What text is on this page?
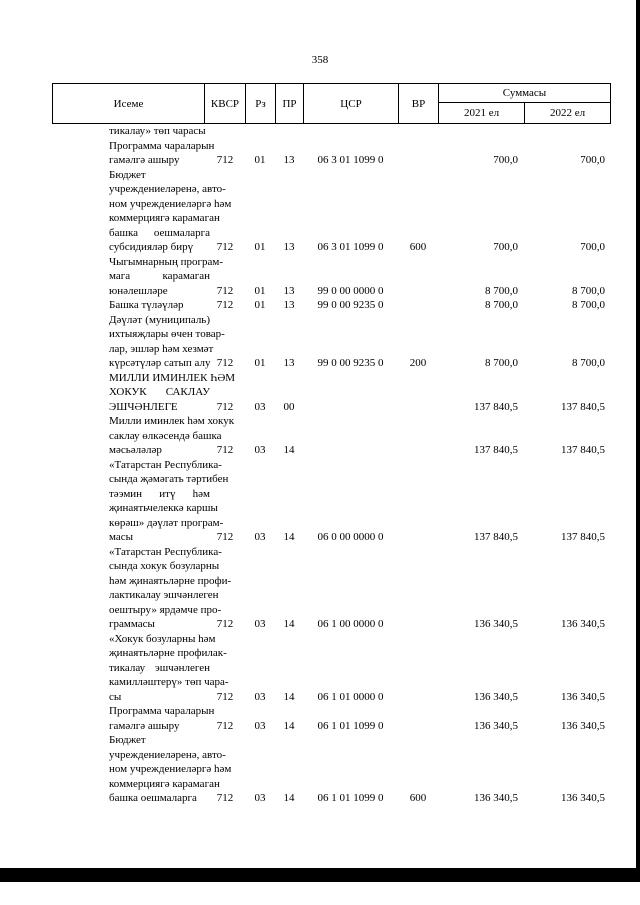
358
Исеме	КВСР	Рз	ПР	ЦСР	ВР
Суммасы
2021 ел	2022 ел
тикалау» төп чарасы
Программа чараларын
гамәлгә ашыру	712	01	13	06 3 01 1099 0	700,0	700,0
Бюджет
учреждениеләренә, авто-
ном учреждениеләргә һәм
коммерциягә карамаган
башка оешмаларга
субсидияләр бирү	712	01	13	06 3 01 1099 0	600	700,0	700,0
Чыгымнарның програм-
мага карамаган
юнәлешләре	712	01	13	99 0 00 0000 0	8 700,0	8 700,0
Башка түләүләр	712	01	13	99 0 00 9235 0	8 700,0	8 700,0
Дәүләт (муниципаль)
ихтыяҗлары өчен товар-
лар, эшләр һәм хезмәт
күрсәтүләр сатып алу 712	01	13	99 0 00 9235 0	200	8 700,0	8 700,0
МИЛЛИ ИМИНЛЕК ҺӘМ
ХОКУК САКЛАУ
ЭШЧӘНЛЕГЕ	712	03	00	137 840,5	137 840,5
Милли иминлек һәм хокук
саклау өлкәсендә башка
мәсьәләләр	712	03	14	137 840,5	137 840,5
«Татарстан Республика-
сында җәмәгать тәртибен
тәэмин итү һәм
җинаятьчелеккә каршы
көрәш» дәүләт програм-
масы	712	03	14	06 0 00 0000 0	137 840,5	137 840,5
«Татарстан Республика-
сында хокук бозуларны
һәм җинаятьләрне профи-
лактикалау эшчәнлеген
оештыру» ярдәмче про-
граммасы	712	03	14	06 1 00 0000 0	136 340,5	136 340,5
«Хокук бозуларны һәм
җинаятьләрне профилак-
тикалау эшчәнлеген
камилләштерү» төп чара-
сы	712	03	14	06 1 01 0000 0	136 340,5	136 340,5
Программа чараларын
гамәлгә ашыру	712	03	14	06 1 01 1099 0	136 340,5	136 340,5
Бюджет
учреждениеләренә, авто-
ном учреждениеләргә һәм
коммерциягә карамаган
башка оешмаларга	712	03	14	06 1 01 1099 0	600	136 340,5	136 340,5
